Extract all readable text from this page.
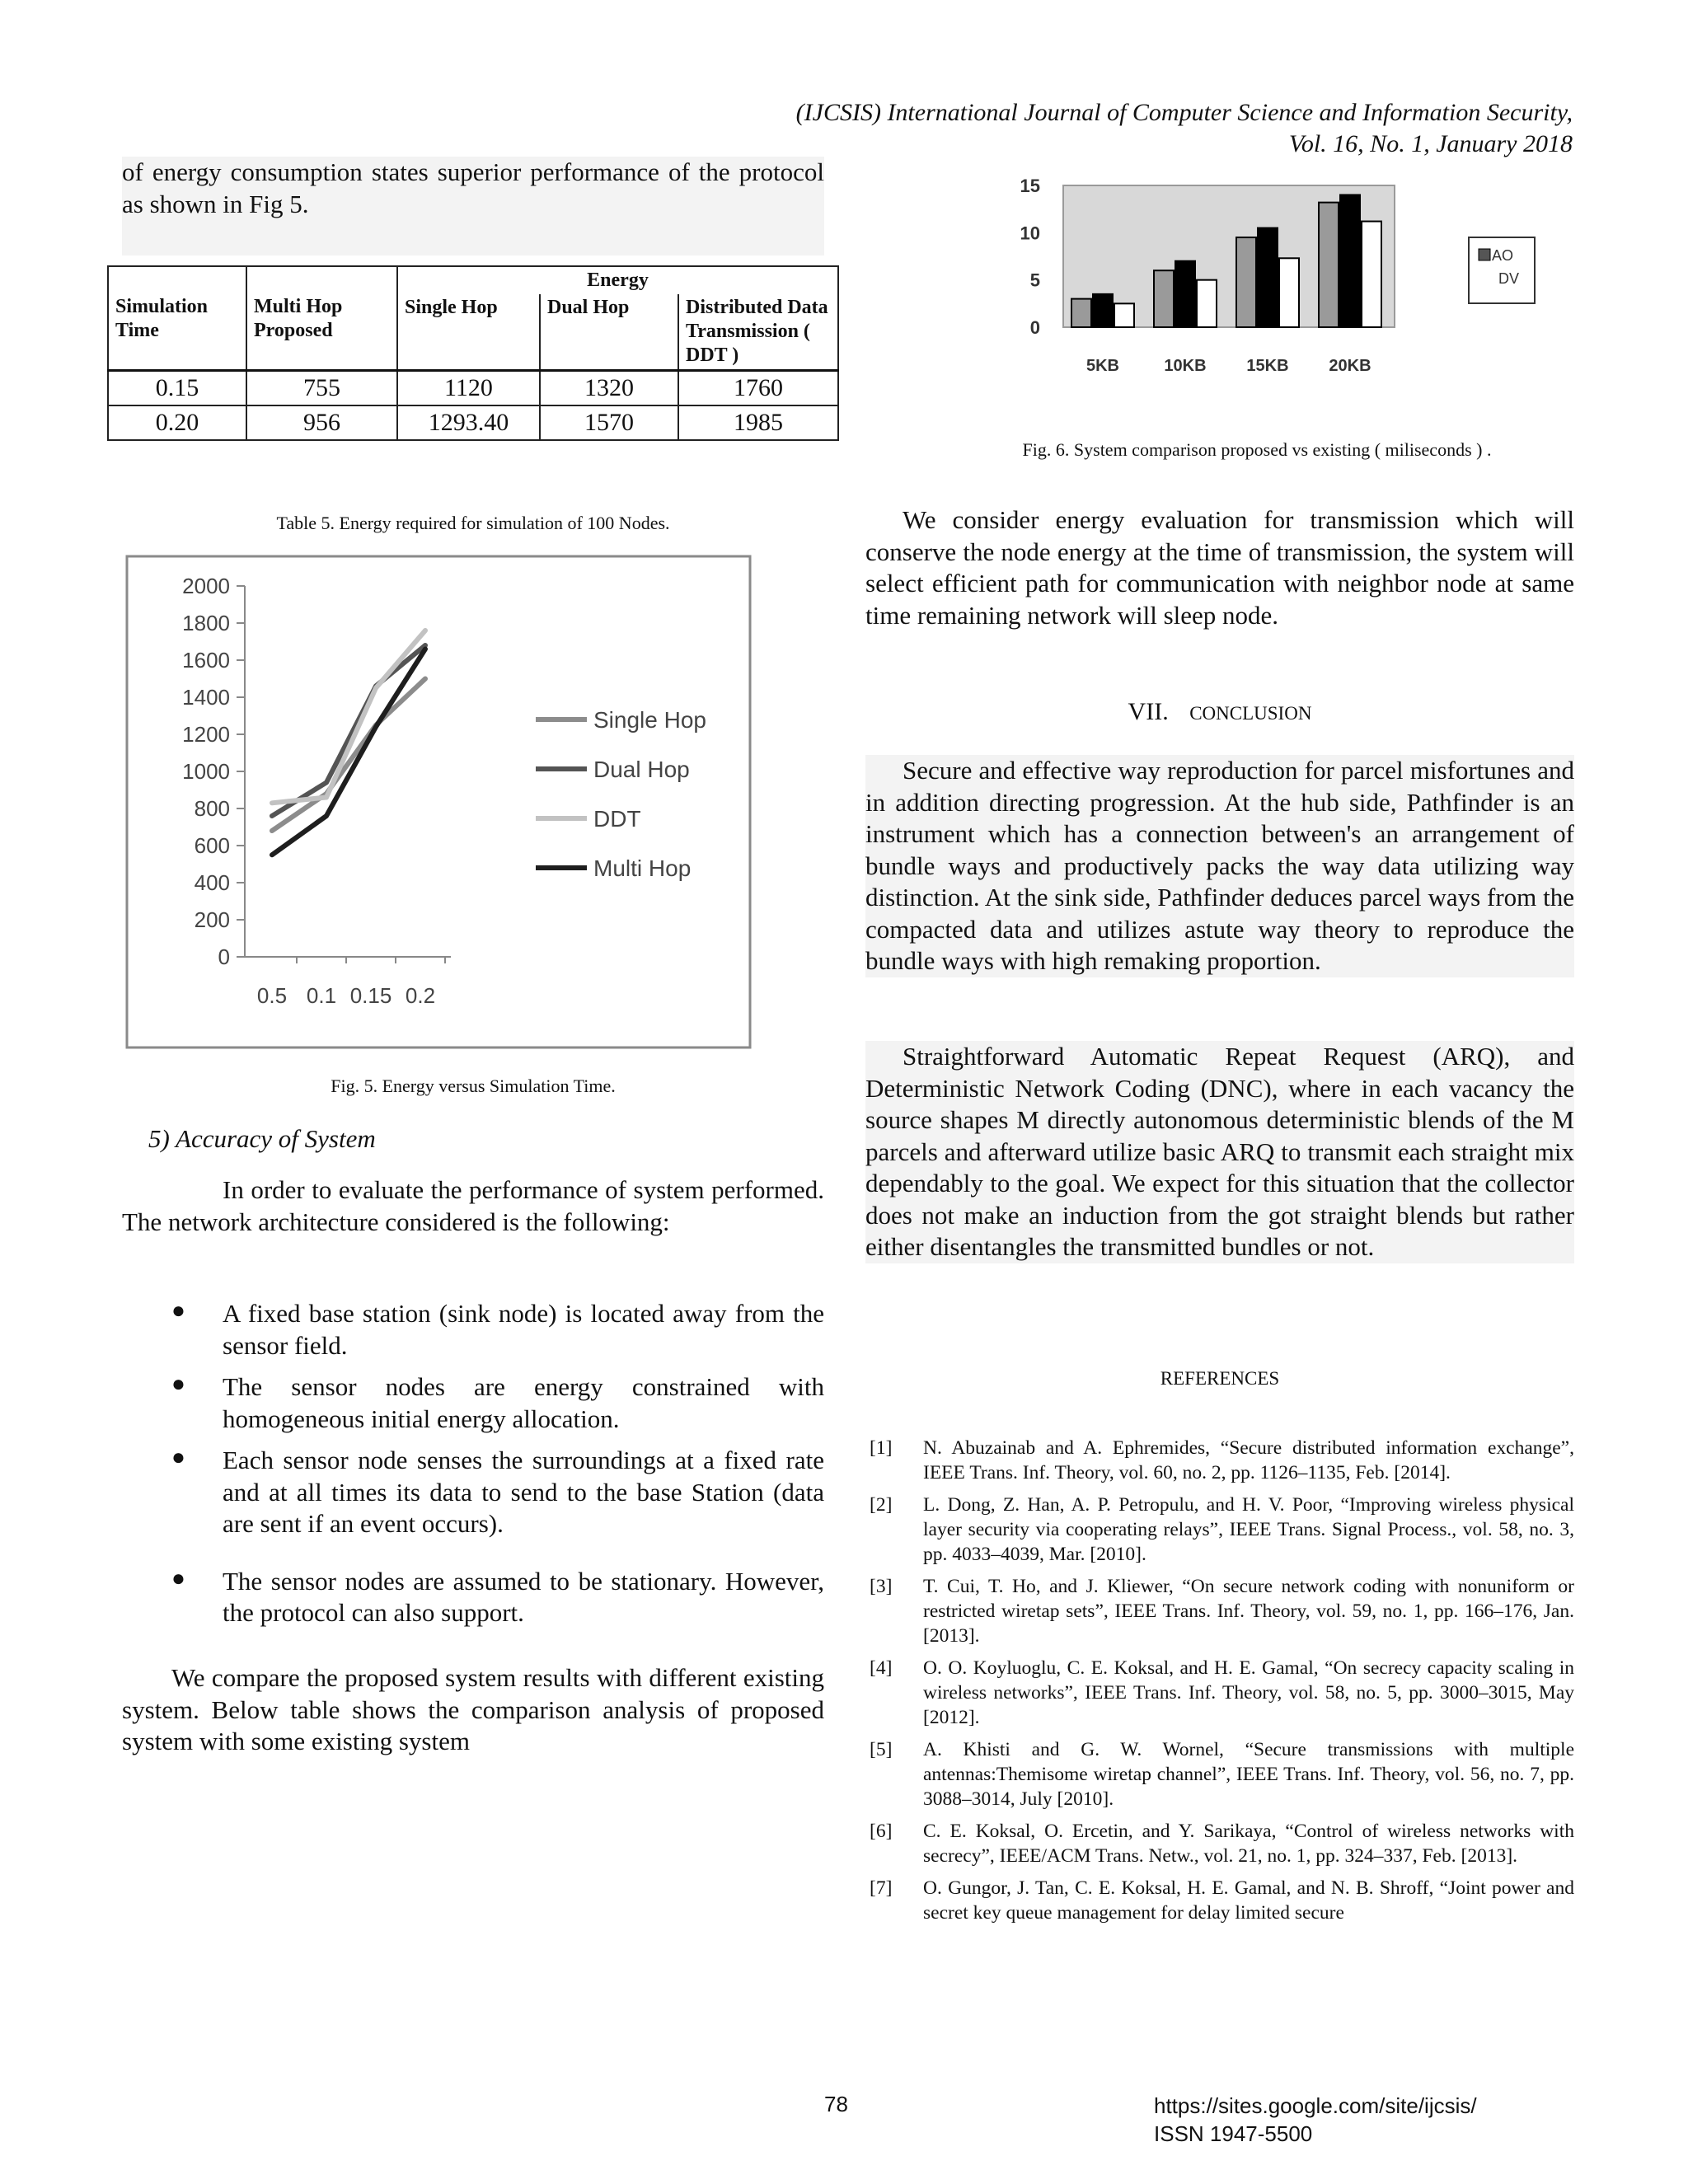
(IJCSIS) International Journal of Computer Science and Information Security,
Vol. 16, No. 1, January 2018
of energy consumption states superior performance of the protocol as shown in Fig 5.
Simulation Time	Multi Hop Proposed	Energy		
		Single Hop	Dual Hop	Distributed Data Transmission ( DDT )
0.15	755	1120	1320	1760
0.20	956	1293.40	1570	1985
Table 5. Energy required for simulation of 100 Nodes.
2000
1800
1600
1400
1200
1000
800
600
400
200
0
0.5 0.1 0.15 0.2
Single Hop
Dual Hop
DDT
Multi Hop
Fig. 5. Energy versus Simulation Time.
5) Accuracy of System
In order to evaluate the performance of system performed. The network architecture considered is the following:
● A fixed base station (sink node) is located away from the sensor field.
● The sensor nodes are energy constrained with homogeneous initial energy allocation.
● Each sensor node senses the surroundings at a fixed rate and at all times its data to send to the base Station (data are sent if an event occurs).
● The sensor nodes are assumed to be stationary. However, the protocol can also support.
We compare the proposed system results with different existing system. Below table shows the comparison analysis of proposed system with some existing system
15
10
5
0
5KB	10KB 15KB 20KB
AO
DV
Fig. 6. System comparison proposed vs existing ( miliseconds ) .
We consider energy evaluation for transmission which will conserve the node energy at the time of transmission, the system will select efficient path for communication with neighbor node at same time remaining network will sleep node.
VII. CONCLUSION
Secure and effective way reproduction for parcel misfortunes and in addition directing progression. At the hub side, Pathfinder is an instrument which has a connection between's an arrangement of bundle ways and productively packs the way data utilizing way distinction. At the sink side, Pathfinder deduces parcel ways from the compacted data and utilizes astute way theory to reproduce the bundle ways with high remaking proportion.
Straightforward Automatic Repeat Request (ARQ), and Deterministic Network Coding (DNC), where in each vacancy the source shapes M directly autonomous deterministic blends of the M parcels and afterward utilize basic ARQ to transmit each straight mix dependably to the goal. We expect for this situation that the collector does not make an induction from the got straight blends but rather either disentangles the transmitted bundles or not.
REFERENCES
[1] N. Abuzainab and A. Ephremides, “Secure distributed information exchange”, IEEE Trans. Inf. Theory, vol. 60, no. 2, pp. 1126–1135, Feb. [2014].
[2] L. Dong, Z. Han, A. P. Petropulu, and H. V. Poor, “Improving wireless physical layer security via cooperating relays”, IEEE Trans. Signal Process., vol. 58, no. 3, pp. 4033–4039, Mar. [2010].
[3] T. Cui, T. Ho, and J. Kliewer, “On secure network coding with nonuniform or restricted wiretap sets”, IEEE Trans. Inf. Theory, vol. 59, no. 1, pp. 166–176, Jan. [2013].
[4] O. O. Koyluoglu, C. E. Koksal, and H. E. Gamal, “On secrecy capacity scaling in wireless networks”, IEEE Trans. Inf. Theory, vol. 58, no. 5, pp. 3000–3015, May [2012].
[5] A. Khisti and G. W. Wornel, “Secure transmissions with multiple antennas:Themisome wiretap channel”, IEEE Trans. Inf. Theory, vol. 56, no. 7, pp. 3088–3014, July [2010].
[6] C. E. Koksal, O. Ercetin, and Y. Sarikaya, “Control of wireless networks with secrecy”, IEEE/ACM Trans. Netw., vol. 21, no. 1, pp. 324–337, Feb. [2013].
[7] O. Gungor, J. Tan, C. E. Koksal, H. E. Gamal, and N. B. Shroff, “Joint power and secret key queue management for delay limited secure
78	https://sites.google.com/site/ijcsis/
ISSN 1947-5500
